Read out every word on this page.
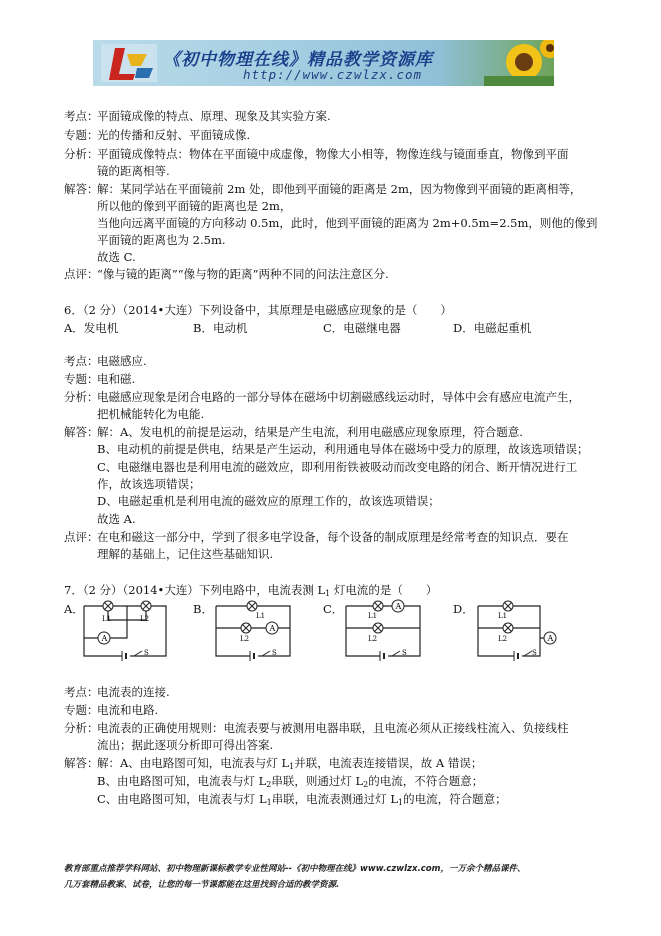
《初中物理在线》精品教学资源库
http://www.czwlzx.com
考点：
平面镜成像的特点、原理、现象及其实验方案.
专题：
光的传播和反射、平面镜成像.
分析：
平面镜成像特点：物体在平面镜中成虚像，物像大小相等，物像连线与镜面垂直，物像到平面
镜的距离相等.
解答：
解：某同学站在平面镜前 2m 处，即他到平面镜的距离是 2m，因为物像到平面镜的距离相等，
所以他的像到平面镜的距离也是 2m，
当他向远离平面镜的方向移动 0.5m，此时，他到平面镜的距离为 2m+0.5m=2.5m，则他的像到
平面镜的距离也为 2.5m.
故选 C.
点评：
“像与镜的距离”“像与物的距离”两种不同的问法注意区分.
6．（2 分）（2014•大连）下列设备中，其原理是电磁感应现象的是（　　）
A．发电机	B．电动机	C．电磁继电器	D．电磁起重机
考点：
电磁感应.
专题：
电和磁.
分析：
电磁感应现象是闭合电路的一部分导体在磁场中切割磁感线运动时，导体中会有感应电流产生，
把机械能转化为电能.
解答：
解：A、发电机的前提是运动，结果是产生电流，利用电磁感应现象原理，符合题意.
B、电动机的前提是供电，结果是产生运动，利用通电导体在磁场中受力的原理，故该选项错误；
C、电磁继电器也是利用电流的磁效应，即利用衔铁被吸动而改变电路的闭合、断开情况进行工
作，故该选项错误；
D、电磁起重机是利用电流的磁效应的原理工作的，故该选项错误；
故选 A.
点评：
在电和磁这一部分中，学到了很多电学设备，每个设备的制成原理是经常考查的知识点．要在
理解的基础上，记住这些基础知识.
7．（2 分）（2014•大连）下列电路中，电流表测 $L_1$ 灯电流的是（　　）
A．	B．	C．	D．
A
L1	L2
S
A
L1
L2
S
A
L1
L2
S
A
L1
L2
S
考点：
电流表的连接.
专题：
电流和电路.
分析：
电流表的正确使用规则：电流表要与被测用电器串联，且电流必须从正接线柱流入、负接线柱
流出；据此逐项分析即可得出答案.
解答：
解：A、由电路图可知，电流表与灯 $L_1$并联，电流表连接错误，故 A 错误；
B、由电路图可知，电流表与灯 $L_2$串联，则通过灯 $L_2$的电流，不符合题意；
C、由电路图可知，电流表与灯 $L_1$串联，电流表测通过灯 $L_1$的电流，符合题意；
教育部重点推荐学科网站、初中物理新课标教学专业性网站--《初中物理在线》www.czwlzx.com，一万余个精品课件、
几万套精品教案、试卷，让您的每一节课都能在这里找到合适的教学资源.
